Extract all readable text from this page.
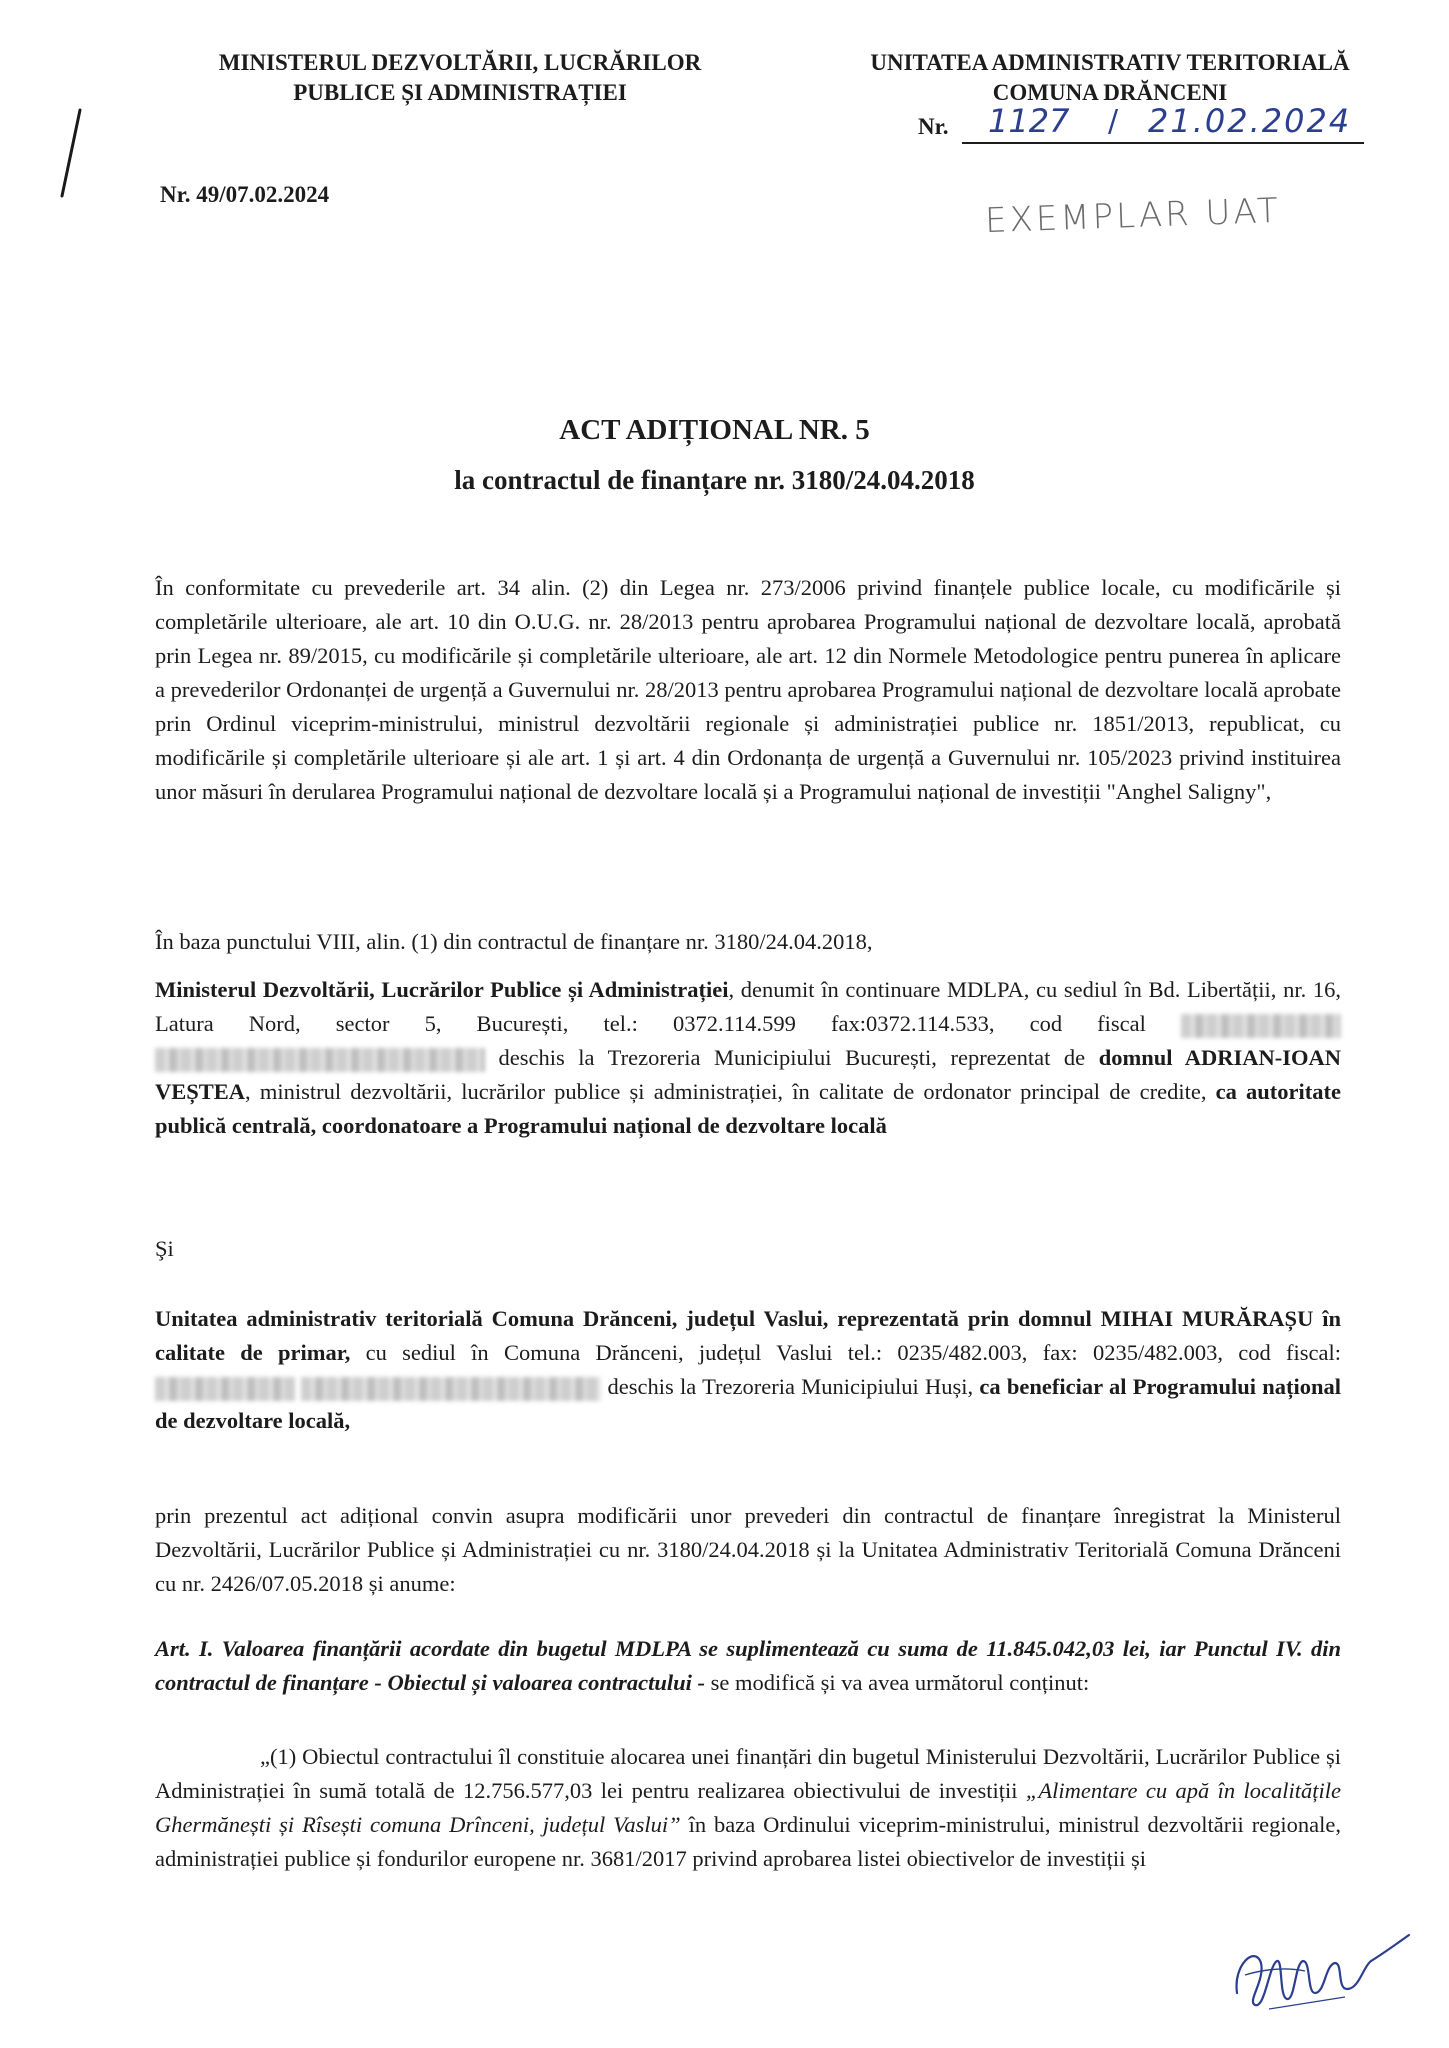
MINISTERUL DEZVOLTĂRII, LUCRĂRILOR
PUBLICE ȘI ADMINISTRAȚIEI
UNITATEA ADMINISTRATIV TERITORIALĂ
COMUNA DRĂNCENI
Nr. 1127 / 21.02.2024
Nr. 49/07.02.2024	EXEMPLAR UAT
ACT ADIȚIONAL NR. 5
la contractul de finanțare nr. 3180/24.04.2018
În conformitate cu prevederile art. 34 alin. (2) din Legea nr. 273/2006 privind finanțele publice locale, cu modificările și completările ulterioare, ale art. 10 din O.U.G. nr. 28/2013 pentru aprobarea Programului național de dezvoltare locală, aprobată prin Legea nr. 89/2015, cu modificările și completările ulterioare, ale art. 12 din Normele Metodologice pentru punerea în aplicare a prevederilor Ordonanței de urgență a Guvernului nr. 28/2013 pentru aprobarea Programului național de dezvoltare locală aprobate prin Ordinul viceprim-ministrului, ministrul dezvoltării regionale și administrației publice nr. 1851/2013, republicat, cu modificările și completările ulterioare și ale art. 1 și art. 4 din Ordonanța de urgență a Guvernului nr. 105/2023 privind instituirea unor măsuri în derularea Programului național de dezvoltare locală și a Programului național de investiții "Anghel Saligny",
În baza punctului VIII, alin. (1) din contractul de finanțare nr. 3180/24.04.2018,
Ministerul Dezvoltării, Lucrărilor Publice și Administrației, denumit în continuare MDLPA, cu sediul în Bd. Libertății, nr. 16, Latura Nord, sector 5, București, tel.: 0372.114.599 fax:0372.114.533, cod fiscal   deschis la Trezoreria Municipiului București, reprezentat de domnul ADRIAN-IOAN VEȘTEA, ministrul dezvoltării, lucrărilor publice și administrației, în calitate de ordonator principal de credite, ca autoritate publică centrală, coordonatoare a Programului național de dezvoltare locală
Şi
Unitatea administrativ teritorială Comuna Drănceni, județul Vaslui, reprezentată prin domnul MIHAI MURĂRAȘU în calitate de primar, cu sediul în Comuna Drănceni, județul Vaslui tel.: 0235/482.003, fax: 0235/482.003, cod fiscal:   deschis la Trezoreria Municipiului Huși, ca beneficiar al Programului național de dezvoltare locală,
prin prezentul act adițional convin asupra modificării unor prevederi din contractul de finanțare înregistrat la Ministerul Dezvoltării, Lucrărilor Publice și Administrației cu nr. 3180/24.04.2018 și la Unitatea Administrativ Teritorială Comuna Drănceni cu nr. 2426/07.05.2018 și anume:
Art. I. Valoarea finanțării acordate din bugetul MDLPA se suplimentează cu suma de 11.845.042,03 lei, iar Punctul IV. din contractul de finanțare - Obiectul și valoarea contractului - se modifică și va avea următorul conținut:
„(1) Obiectul contractului îl constituie alocarea unei finanțări din bugetul Ministerului Dezvoltării, Lucrărilor Publice și Administrației în sumă totală de 12.756.577,03 lei pentru realizarea obiectivului de investiții „Alimentare cu apă în localitățile Ghermănești și Rîsești comuna Drînceni, județul Vaslui” în baza Ordinului viceprim-ministrului, ministrul dezvoltării regionale, administrației publice și fondurilor europene nr. 3681/2017 privind aprobarea listei obiectivelor de investiții și
